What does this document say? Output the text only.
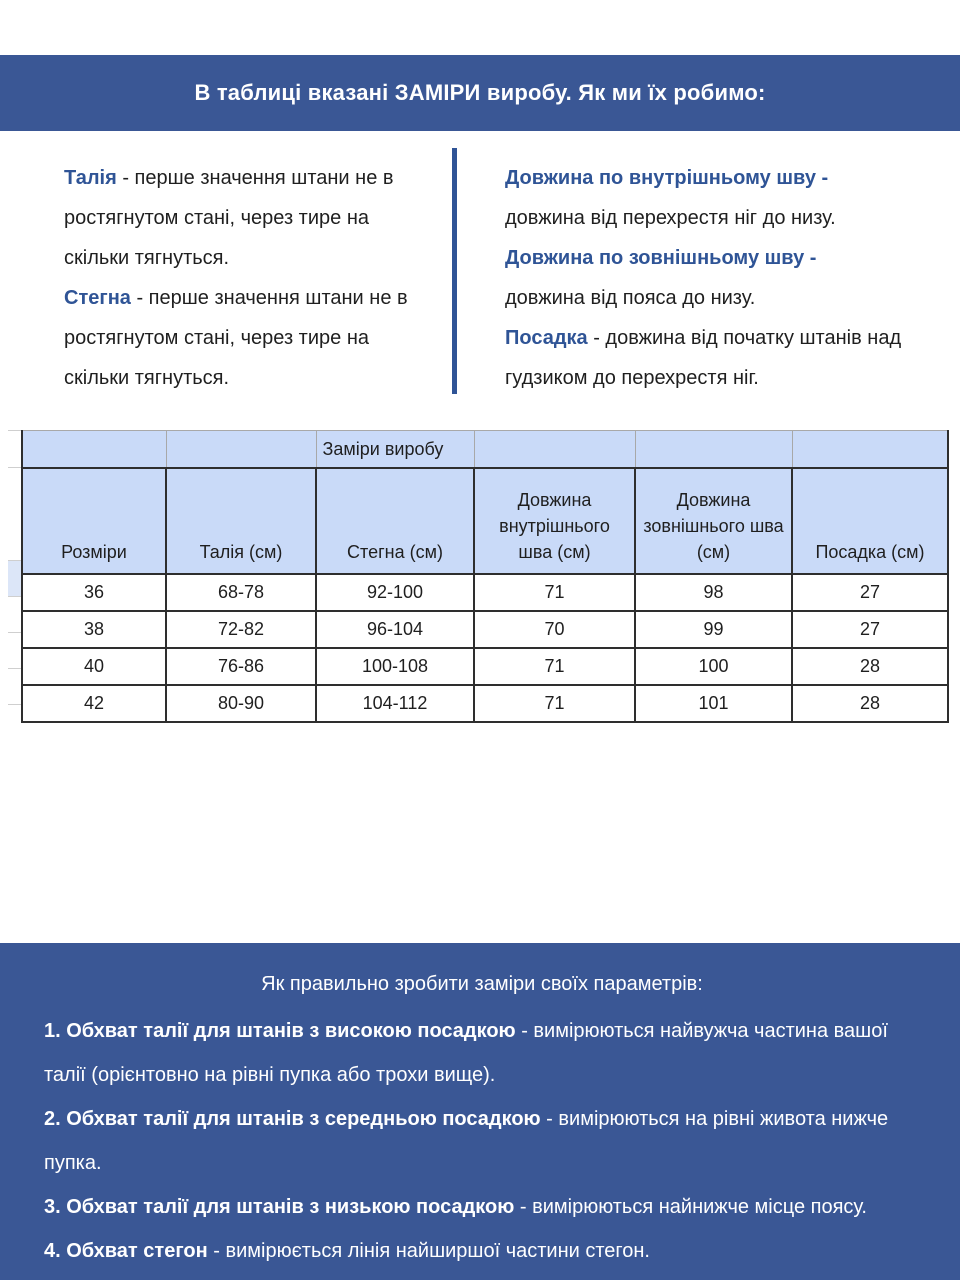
В таблиці вказані ЗАМІРИ виробу. Як ми їх робимо:

Талія - перше значення штани не в ростягнутом стані, через тире на скільки тягнуться.

Стегна - перше значення штани не в ростягнутом стані, через тире на скільки тягнуться.

Довжина по внутрішньому шву -
довжина від перехрестя ніг до низу.

Довжина по зовнішньому шву -
довжина від пояса до низу.

Посадка - довжина від початку штанів над гудзиком до перехрестя ніг.

		Заміри виробу			
Розміри	Талія (см)	Стегна (см)	Довжина внутрішнього шва (см)	Довжина зовнішнього шва (см)	Посадка (см)
36	68-78	92-100	71	98	27
38	72-82	96-104	70	99	27
40	76-86	100-108	71	100	28
42	80-90	104-112	71	101	28

Як правильно зробити заміри своїх параметрів:

1. Обхват талії для штанів з високою посадкою - вимірюються найвужча частина вашої талії (орієнтовно на рівні пупка або трохи вище).

2. Обхват талії для штанів з середньою посадкою - вимірюються на рівні живота нижче пупка.

3. Обхват талії для штанів з низькою посадкою - вимірюються найнижче місце поясу.

4. Обхват стегон - вимірюється лінія найширшої частини стегон.
